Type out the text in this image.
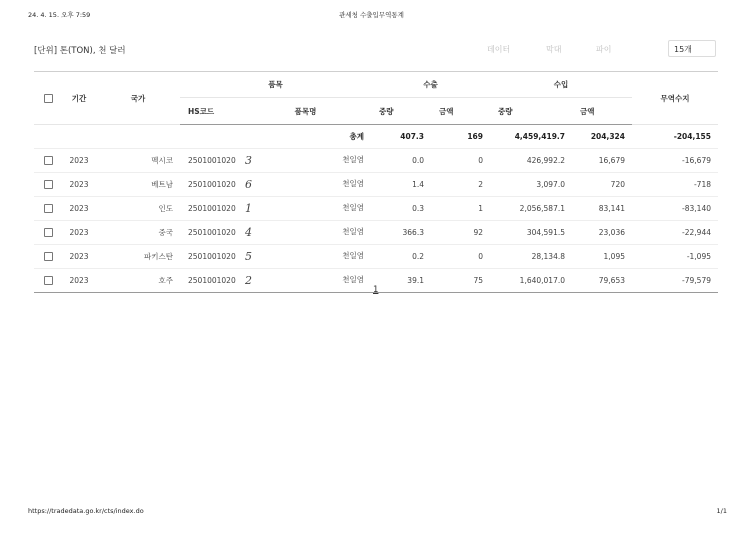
24. 4. 15. 오후 7:59	관세청 수출입무역통계
[단위] 톤(TON), 천 달러	데이터	막대	파이	15개
	기간	국가	품목		수출		수입		무역수지
			HS코드	품목명	중량	금액	중량	금액	
				총계	407.3	169	4,459,419.7	204,324	-204,155
	2023	멕시코	2501001020	3 천일염	0.0	0	426,992.2	16,679	-16,679
	2023	베트남	2501001020	6 천일염	1.4	2	3,097.0	720	-718
	2023	인도	2501001020	1 천일염	0.3	1	2,056,587.1	83,141	-83,140
	2023	중국	2501001020	4 천일염	366.3	92	304,591.5	23,036	-22,944
	2023	파키스탄	2501001020	5 천일염	0.2	0	28,134.8	1,095	-1,095
	2023	호주	2501001020	2 천일염	39.1	75	1,640,017.0	79,653	-79,579
1
https://tradedata.go.kr/cts/index.do	1/1
